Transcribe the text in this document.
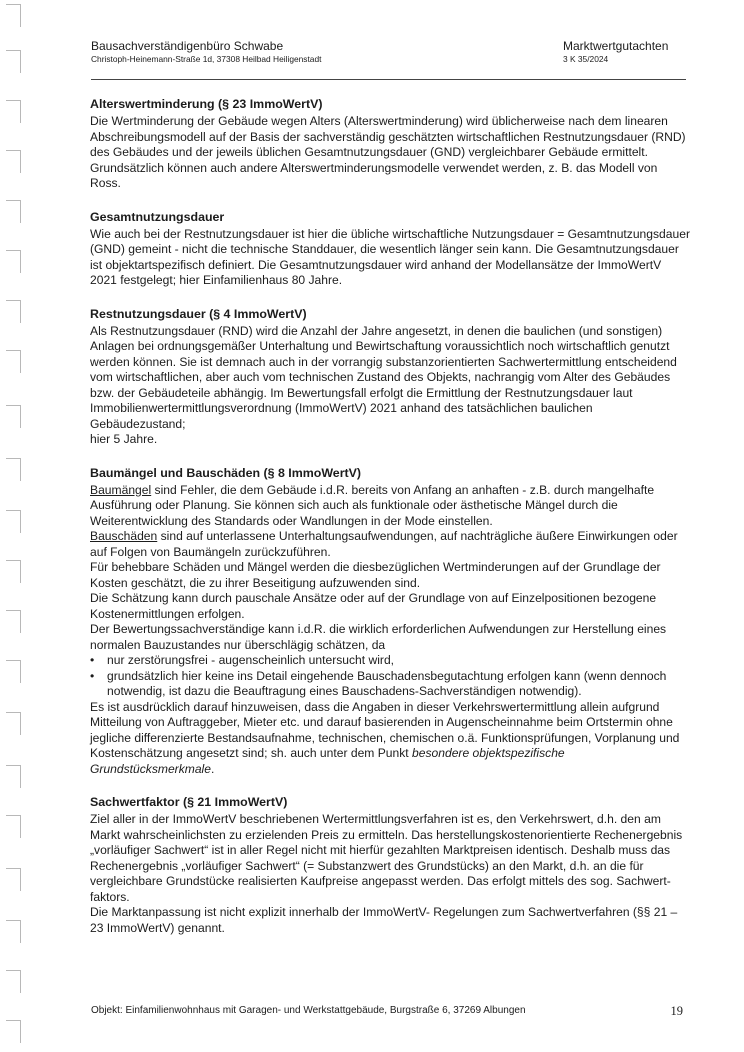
Bausachverständigenbüro Schwabe
Christoph-Heinemann-Straße 1d, 37308 Heilbad Heiligenstadt
Marktwertgutachten
3 K 35/2024
Alterswertminderung (§ 23 ImmoWertV)

Die Wertminderung der Gebäude wegen Alters (Alterswertminderung) wird üblicherweise nach dem linearen Abschreibungsmodell auf der Basis der sachverständig geschätzten wirtschaftlichen Restnutzungsdauer (RND) des Gebäudes und der jeweils üblichen Gesamtnutzungsdauer (GND) vergleichbarer Gebäude ermittelt. Grundsätzlich können auch andere Alterswertminderungsmodelle verwendet werden, z. B. das Modell von Ross.

Gesamtnutzungsdauer

Wie auch bei der Restnutzungsdauer ist hier die übliche wirtschaftliche Nutzungsdauer = Gesamtnutzungsdauer (GND) gemeint - nicht die technische Standdauer, die wesentlich länger sein kann. Die Gesamtnutzungsdauer ist objektartspezifisch definiert. Die Gesamtnutzungsdauer wird anhand der Modellansätze der ImmoWertV 2021 festgelegt; hier Einfamilienhaus 80 Jahre.

Restnutzungsdauer (§ 4 ImmoWertV)

Als Restnutzungsdauer (RND) wird die Anzahl der Jahre angesetzt, in denen die baulichen (und sonstigen) Anlagen bei ordnungsgemäßer Unterhaltung und Bewirtschaftung voraussichtlich noch wirtschaftlich genutzt werden können. Sie ist demnach auch in der vorrangig substanzorientierten Sachwertermittlung entscheidend vom wirtschaftlichen, aber auch vom technischen Zustand des Objekts, nachrangig vom Alter des Gebäudes bzw. der Gebäudeteile abhängig. Im Bewertungsfall erfolgt die Ermittlung der Restnutzungsdauer laut Immobilienwertermittlungsverordnung (ImmoWertV) 2021 anhand des tatsächlichen baulichen Gebäudezustand;

hier 5 Jahre.

Baumängel und Bauschäden (§ 8 ImmoWertV)

Baumängel sind Fehler, die dem Gebäude i.d.R. bereits von Anfang an anhaften - z.B. durch mangelhafte Ausführung oder Planung. Sie können sich auch als funktionale oder ästhetische Mängel durch die Weiterentwicklung des Standards oder Wandlungen in der Mode einstellen.

Bauschäden sind auf unterlassene Unterhaltungsaufwendungen, auf nachträgliche äußere Einwirkungen oder auf Folgen von Baumängeln zurückzuführen.

Für behebbare Schäden und Mängel werden die diesbezüglichen Wertminderungen auf der Grundlage der Kosten geschätzt, die zu ihrer Beseitigung aufzuwenden sind.

Die Schätzung kann durch pauschale Ansätze oder auf der Grundlage von auf Einzelpositionen bezogene Kostenermittlungen erfolgen.

Der Bewertungssachverständige kann i.d.R. die wirklich erforderlichen Aufwendungen zur Herstellung eines normalen Bauzustandes nur überschlägig schätzen, da

• nur zerstörungsfrei - augenscheinlich untersucht wird,
• grundsätzlich hier keine ins Detail eingehende Bauschadensbegutachtung erfolgen kann (wenn dennoch notwendig, ist dazu die Beauftragung eines Bauschadens-Sachverständigen notwendig).

Es ist ausdrücklich darauf hinzuweisen, dass die Angaben in dieser Verkehrswertermittlung allein aufgrund Mitteilung von Auftraggeber, Mieter etc. und darauf basierenden in Augenscheinnahme beim Ortstermin ohne jegliche differenzierte Bestandsaufnahme, technischen, chemischen o.ä. Funktionsprüfungen, Vorplanung und Kostenschätzung angesetzt sind; sh. auch unter dem Punkt besondere objektspezifische Grundstücksmerkmale.

Sachwertfaktor (§ 21 ImmoWertV)

Ziel aller in der ImmoWertV beschriebenen Wertermittlungsverfahren ist es, den Verkehrswert, d.h. den am Markt wahrscheinlichsten zu erzielenden Preis zu ermitteln. Das herstellungskostenorientierte Rechenergebnis „vorläufiger Sachwert“ ist in aller Regel nicht mit hierfür gezahlten Marktpreisen identisch. Deshalb muss das Rechenergebnis „vorläufiger Sachwert“ (= Substanzwert des Grundstücks) an den Markt, d.h. an die für vergleichbare Grundstücke realisierten Kaufpreise angepasst werden. Das erfolgt mittels des sog. Sachwert-faktors.

Die Marktanpassung ist nicht explizit innerhalb der ImmoWertV- Regelungen zum Sachwertverfahren (§§ 21 – 23 ImmoWertV) genannt.

Objekt: Einfamilienwohnhaus mit Garagen- und Werkstattgebäude, Burgstraße 6, 37269 Albungen	19
